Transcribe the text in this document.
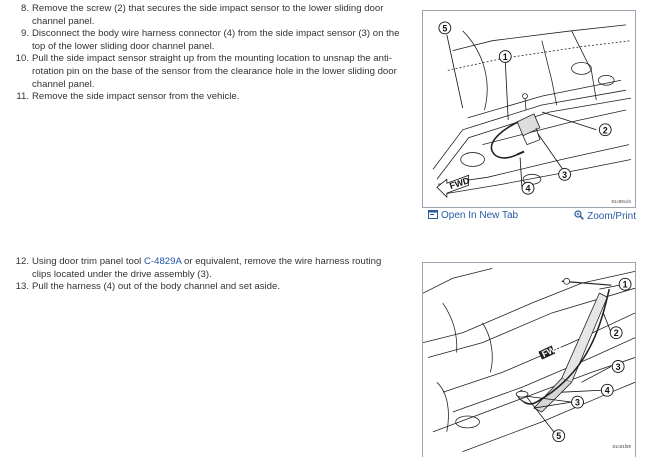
8. Remove the screw (2) that secures the side impact sensor to the lower sliding door channel panel.
9. Disconnect the body wire harness connector (4) from the side impact sensor (3) on the top of the lower sliding door channel panel.
10. Pull the side impact sensor straight up from the mounting location to unsnap the anti-rotation pin on the base of the sensor from the clearance hole in the lower sliding door channel panel.
11. Remove the side impact sensor from the vehicle.
FWD
5
1
2
3
4
81c98cd4
Open In New Tab	Zoom/Print
12. Using door trim panel tool C-4829A or equivalent, remove the wire harness routing clips located under the drive assembly (3).
13. Pull the harness (4) out of the body channel and set aside.
FWD
1
2
3
4
3
5
81c81f89
